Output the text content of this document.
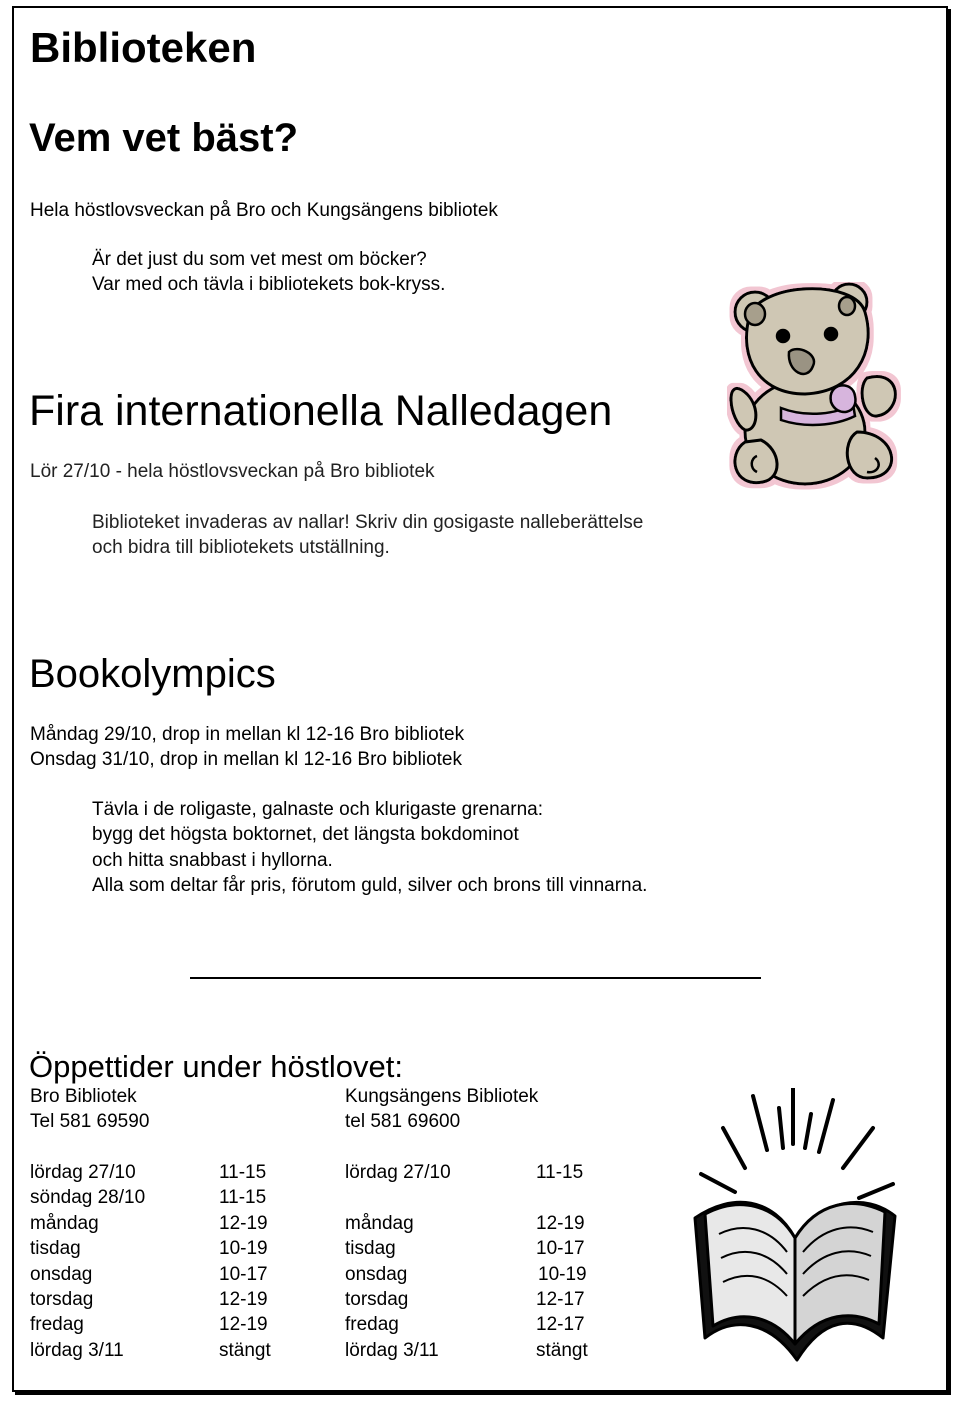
Biblioteken
Vem vet bäst?

Hela höstlovsveckan på Bro och Kungsängens bibliotek

Är det just du som vet mest om böcker?

Var med och tävla i bibliotekets bok-kryss.

Fira internationella Nalledagen

Lör 27/10 - hela höstlovsveckan på Bro bibliotek

Biblioteket invaderas av nallar! Skriv din gosigaste nalleberättelse

och bidra till bibliotekets utställning.

Bookolympics

Måndag 29/10, drop in mellan kl 12-16 Bro bibliotek

Onsdag 31/10, drop in mellan kl 12-16 Bro bibliotek

Tävla i de roligaste, galnaste och klurigaste grenarna:

bygg det högsta boktornet, det längsta bokdominot

och hitta snabbast i hyllorna.

Alla som deltar får pris, förutom guld, silver och brons till vinnarna.

Öppettider under höstlovet:
Bro Bibliotek
Tel 581 69590
Kungsängens Bibliotek
tel 581 69600
lördag 27/10	11-15
söndag 28/10	11-15
måndag	12-19
tisdag	10-19
onsdag	10-17
torsdag	12-19
fredag	12-19
lördag 3/11	stängt
lördag 27/10	11-15
måndag	12-19
tisdag	10-17
onsdag	10-19
torsdag	12-17
fredag	12-17
lördag 3/11	stängt
